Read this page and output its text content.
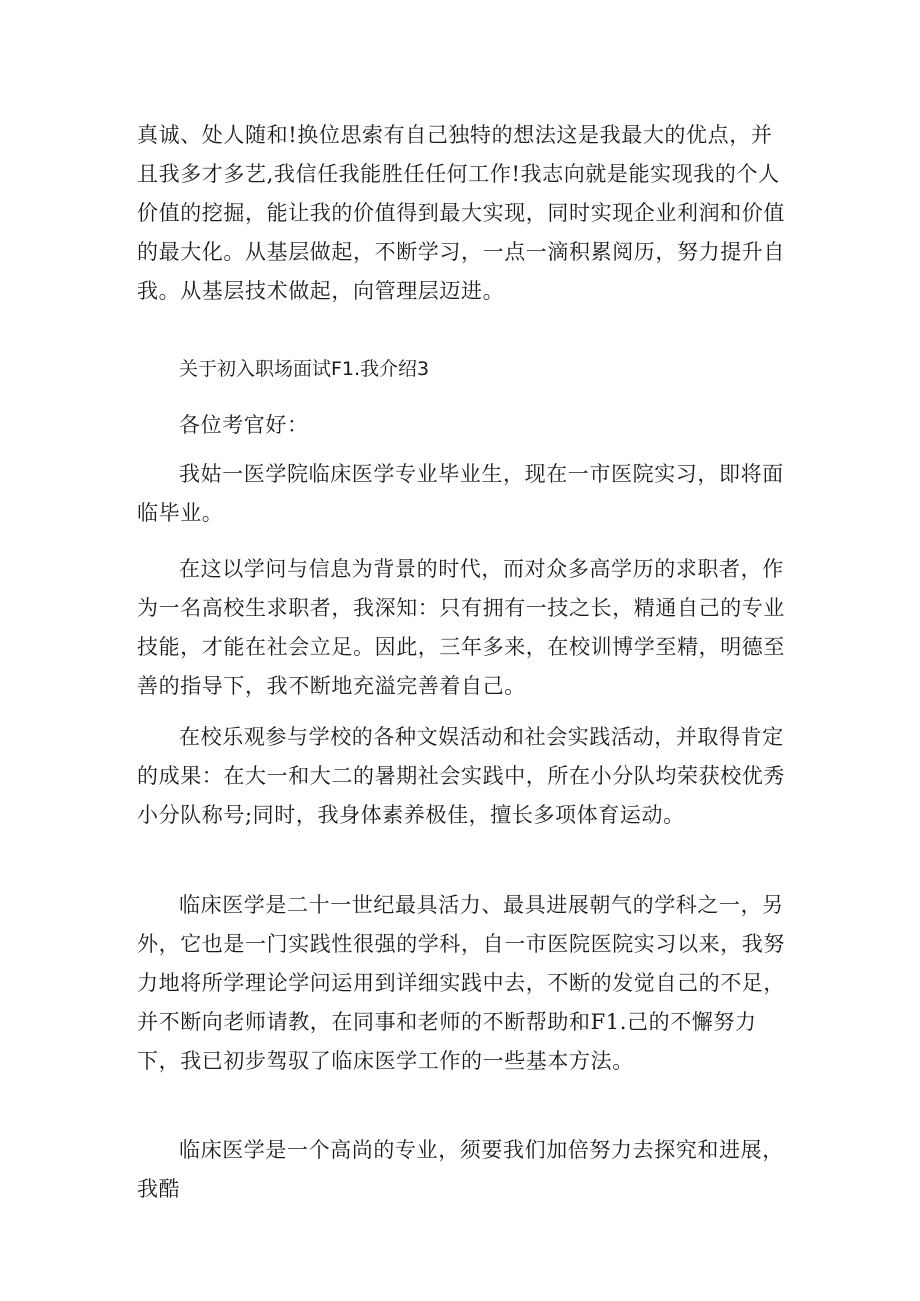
真诚、处人随和!换位思索有自己独特的想法这是我最大的优点，并且我多才多艺,我信任我能胜任任何工作!我志向就是能实现我的个人价值的挖掘，能让我的价值得到最大实现，同时实现企业利润和价值的最大化。从基层做起，不断学习，一点一滴积累阅历，努力提升自我。从基层技术做起，向管理层迈进。

关于初入职场面试F1.我介绍3

各位考官好：

我姑一医学院临床医学专业毕业生，现在一市医院实习，即将面临毕业。

在这以学问与信息为背景的时代，而对众多高学历的求职者，作为一名高校生求职者，我深知：只有拥有一技之长，精通自己的专业技能，才能在社会立足。因此，三年多来，在校训博学至精，明德至善的指导下，我不断地充溢完善着自己。

在校乐观参与学校的各种文娱活动和社会实践活动，并取得肯定的成果：在大一和大二的暑期社会实践中，所在小分队均荣获校优秀小分队称号;同时，我身体素养极佳，擅长多项体育运动。

临床医学是二十一世纪最具活力、最具进展朝气的学科之一，另外，它也是一门实践性很强的学科，自一市医院医院实习以来，我努力地将所学理论学问运用到详细实践中去，不断的发觉自己的不足，并不断向老师请教，在同事和老师的不断帮助和F1.己的不懈努力下，我已初步驾驭了临床医学工作的一些基本方法。

临床医学是一个高尚的专业，须要我们加倍努力去探究和进展，我酷
